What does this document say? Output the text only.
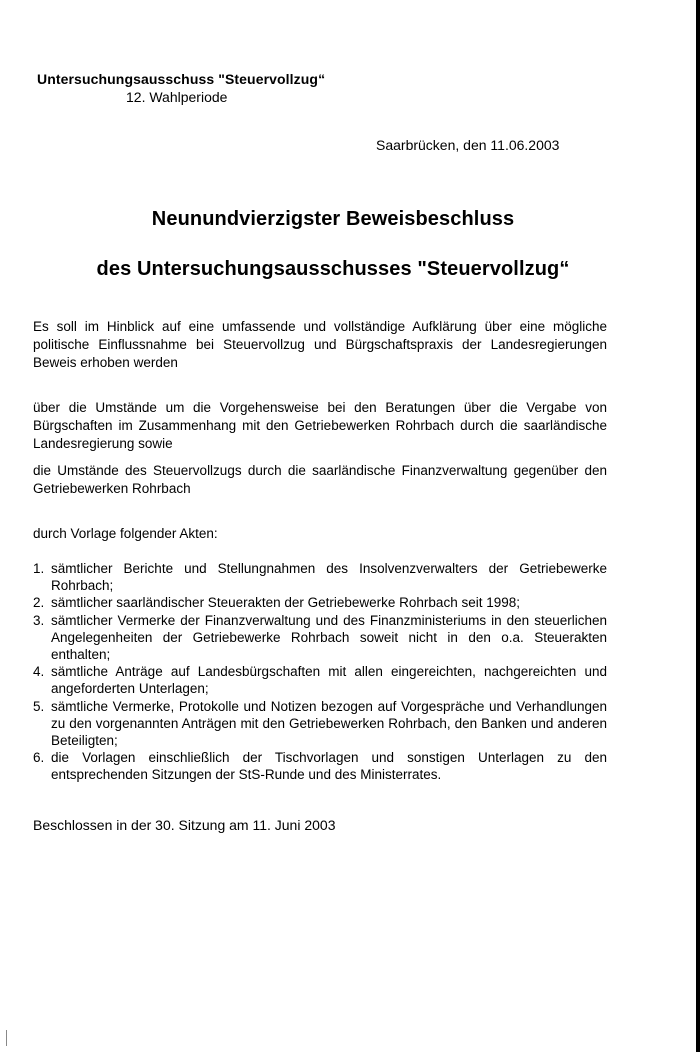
Untersuchungsausschuss "Steuervollzug“
12. Wahlperiode
Saarbrücken, den 11.06.2003
Neunundvierzigster Beweisbeschluss
des Untersuchungsausschusses "Steuervollzug“
Es soll im Hinblick auf eine umfassende und vollständige Aufklärung über eine mögliche politische Einflussnahme bei Steuervollzug und Bürgschaftspraxis der Landesregierungen Beweis erhoben werden
über die Umstände um die Vorgehensweise bei den Beratungen über die Vergabe von Bürgschaften im Zusammenhang mit den Getriebewerken Rohrbach durch die saarländische Landesregierung sowie
die Umstände des Steuervollzugs durch die saarländische Finanzverwaltung gegenüber den Getriebewerken Rohrbach
durch Vorlage folgender Akten:
1. sämtlicher Berichte und Stellungnahmen des Insolvenzverwalters der Getriebewerke Rohrbach;
2. sämtlicher saarländischer Steuerakten der Getriebewerke Rohrbach seit 1998;
3. sämtlicher Vermerke der Finanzverwaltung und des Finanzministeriums in den steuerlichen Angelegenheiten der Getriebewerke Rohrbach soweit nicht in den o.a. Steuerakten enthalten;
4. sämtliche Anträge auf Landesbürgschaften mit allen eingereichten, nachgereichten und angeforderten Unterlagen;
5. sämtliche Vermerke, Protokolle und Notizen bezogen auf Vorgespräche und Verhandlungen zu den vorgenannten Anträgen mit den Getriebewerken Rohrbach, den Banken und anderen Beteiligten;
6. die Vorlagen einschließlich der Tischvorlagen und sonstigen Unterlagen zu den entsprechenden Sitzungen der StS-Runde und des Ministerrates.
Beschlossen in der 30. Sitzung am 11. Juni 2003
